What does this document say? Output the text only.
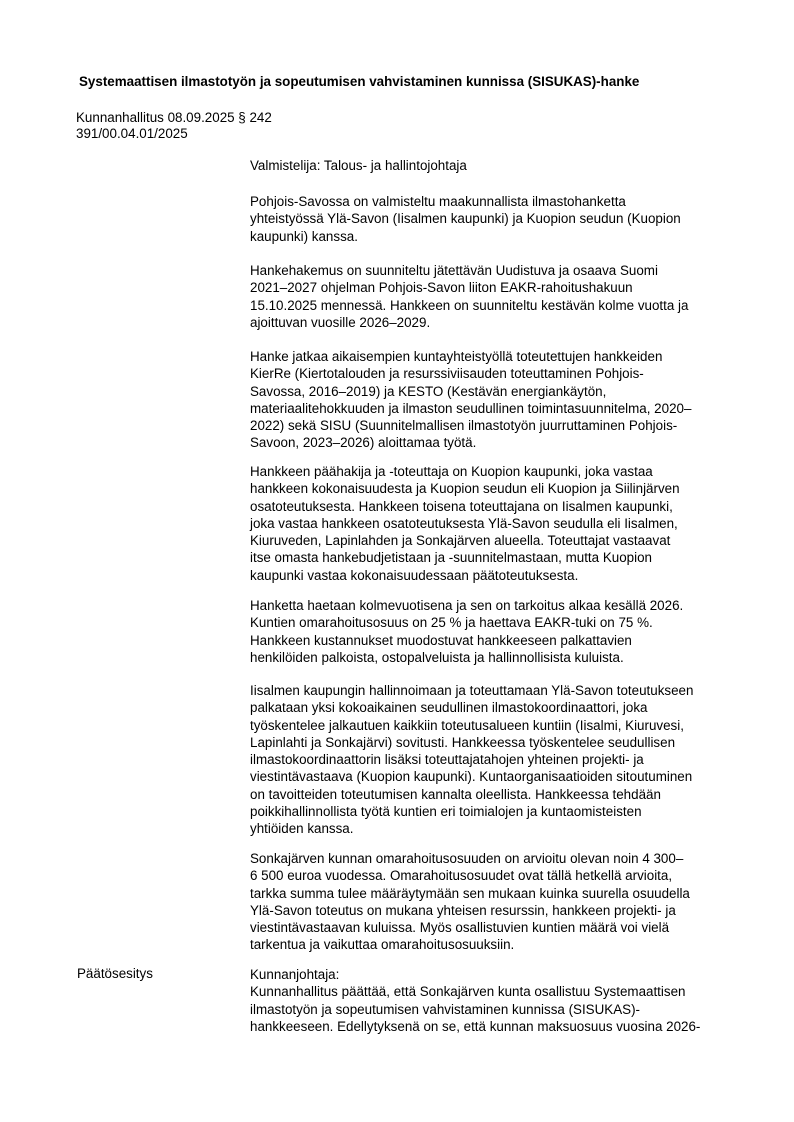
Systemaattisen ilmastotyön ja sopeutumisen vahvistaminen kunnissa (SISUKAS)-hanke
Kunnanhallitus 08.09.2025 § 242
391/00.04.01/2025

Valmistelija: Talous- ja hallintojohtaja

Pohjois-Savossa on valmisteltu maakunnallista ilmastohanketta

yhteistyössä Ylä-Savon (Iisalmen kaupunki) ja Kuopion seudun (Kuopion

kaupunki) kanssa.

Hankehakemus on suunniteltu jätettävän Uudistuva ja osaava Suomi

2021–2027 ohjelman Pohjois-Savon liiton EAKR-rahoitushakuun

15.10.2025 mennessä. Hankkeen on suunniteltu kestävän kolme vuotta ja

ajoittuvan vuosille 2026–2029.

Hanke jatkaa aikaisempien kuntayhteistyöllä toteutettujen hankkeiden

KierRe (Kiertotalouden ja resurssiviisauden toteuttaminen Pohjois-

Savossa, 2016–2019) ja KESTO (Kestävän energiankäytön,

materiaalitehokkuuden ja ilmaston seudullinen toimintasuunnitelma, 2020–

2022) sekä SISU (Suunnitelmallisen ilmastotyön juurruttaminen Pohjois-

Savoon, 2023–2026) aloittamaa työtä.

Hankkeen päähakija ja -toteuttaja on Kuopion kaupunki, joka vastaa

hankkeen kokonaisuudesta ja Kuopion seudun eli Kuopion ja Siilinjärven

osatoteutuksesta. Hankkeen toisena toteuttajana on Iisalmen kaupunki,

joka vastaa hankkeen osatoteutuksesta Ylä-Savon seudulla eli Iisalmen,

Kiuruveden, Lapinlahden ja Sonkajärven alueella. Toteuttajat vastaavat

itse omasta hankebudjetistaan ja -suunnitelmastaan, mutta Kuopion

kaupunki vastaa kokonaisuudessaan päätoteutuksesta.

Hanketta haetaan kolmevuotisena ja sen on tarkoitus alkaa kesällä 2026.

Kuntien omarahoitusosuus on 25 % ja haettava EAKR-tuki on 75 %.

Hankkeen kustannukset muodostuvat hankkeeseen palkattavien

henkilöiden palkoista, ostopalveluista ja hallinnollisista kuluista.

Iisalmen kaupungin hallinnoimaan ja toteuttamaan Ylä-Savon toteutukseen

palkataan yksi kokoaikainen seudullinen ilmastokoordinaattori, joka

työskentelee jalkautuen kaikkiin toteutusalueen kuntiin (Iisalmi, Kiuruvesi,

Lapinlahti ja Sonkajärvi) sovitusti. Hankkeessa työskentelee seudullisen

ilmastokoordinaattorin lisäksi toteuttajatahojen yhteinen projekti- ja

viestintävastaava (Kuopion kaupunki). Kuntaorganisaatioiden sitoutuminen

on tavoitteiden toteutumisen kannalta oleellista. Hankkeessa tehdään

poikkihallinnollista työtä kuntien eri toimialojen ja kuntaomisteisten

yhtiöiden kanssa.

Sonkajärven kunnan omarahoitusosuuden on arvioitu olevan noin 4 300–

6 500 euroa vuodessa. Omarahoitusosuudet ovat tällä hetkellä arvioita,

tarkka summa tulee määräytymään sen mukaan kuinka suurella osuudella

Ylä-Savon toteutus on mukana yhteisen resurssin, hankkeen projekti- ja

viestintävastaavan kuluissa. Myös osallistuvien kuntien määrä voi vielä

tarkentua ja vaikuttaa omarahoitusosuuksiin.

Päätösesitys	Kunnanjohtaja:

Kunnanhallitus päättää, että Sonkajärven kunta osallistuu Systemaattisen

ilmastotyön ja sopeutumisen vahvistaminen kunnissa (SISUKAS)-

hankkeeseen. Edellytyksenä on se, että kunnan maksuosuus vuosina 2026-
